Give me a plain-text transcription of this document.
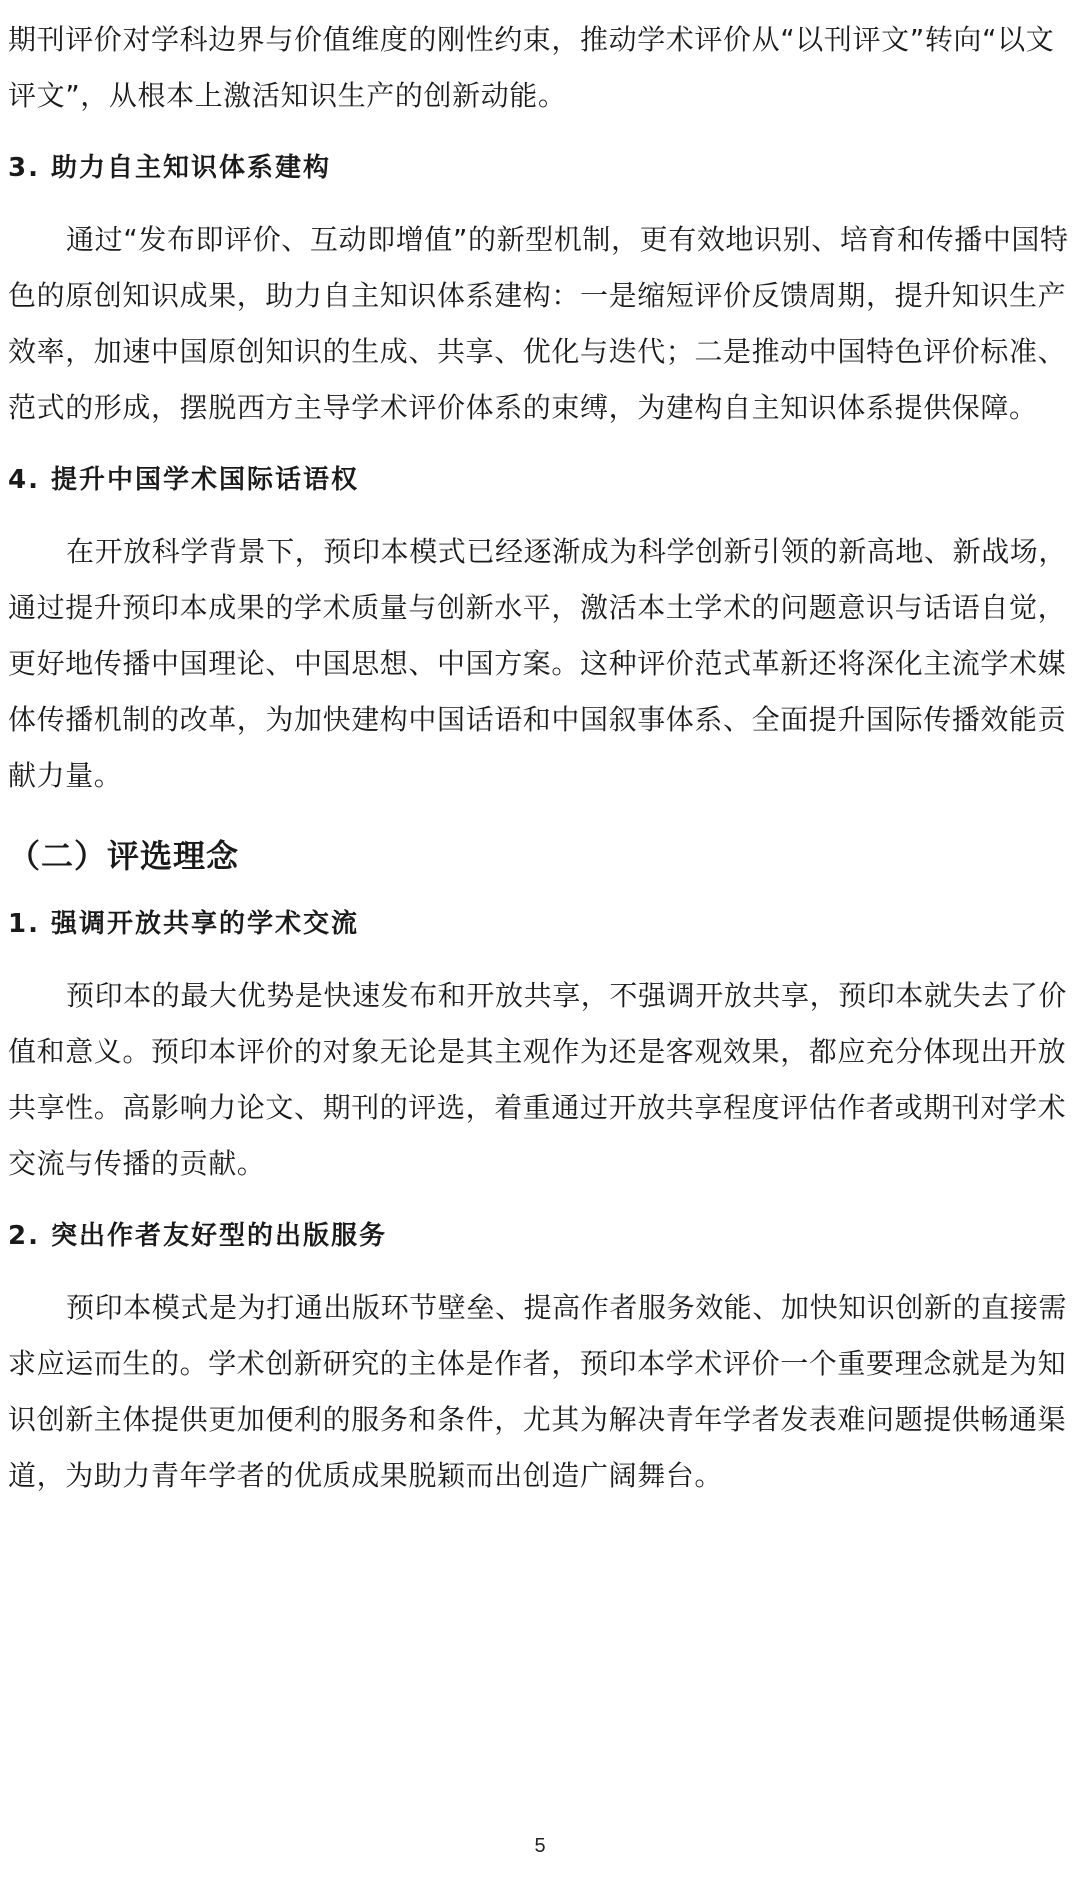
期刊评价对学科边界与价值维度的刚性约束，推动学术评价从“以刊评文”转向“以文评文”，从根本上激活知识生产的创新动能。

3. 助力自主知识体系建构

通过“发布即评价、互动即增值”的新型机制，更有效地识别、培育和传播中国特色的原创知识成果，助力自主知识体系建构：一是缩短评价反馈周期，提升知识生产效率，加速中国原创知识的生成、共享、优化与迭代；二是推动中国特色评价标准、范式的形成，摆脱西方主导学术评价体系的束缚，为建构自主知识体系提供保障。

4. 提升中国学术国际话语权

在开放科学背景下，预印本模式已经逐渐成为科学创新引领的新高地、新战场，通过提升预印本成果的学术质量与创新水平，激活本土学术的问题意识与话语自觉，更好地传播中国理论、中国思想、中国方案。这种评价范式革新还将深化主流学术媒体传播机制的改革，为加快建构中国话语和中国叙事体系、全面提升国际传播效能贡献力量。

（二）评选理念
1. 强调开放共享的学术交流

预印本的最大优势是快速发布和开放共享，不强调开放共享，预印本就失去了价值和意义。预印本评价的对象无论是其主观作为还是客观效果，都应充分体现出开放共享性。高影响力论文、期刊的评选，着重通过开放共享程度评估作者或期刊对学术交流与传播的贡献。

2. 突出作者友好型的出版服务

预印本模式是为打通出版环节壁垒、提高作者服务效能、加快知识创新的直接需求应运而生的。学术创新研究的主体是作者，预印本学术评价一个重要理念就是为知识创新主体提供更加便利的服务和条件，尤其为解决青年学者发表难问题提供畅通渠道，为助力青年学者的优质成果脱颖而出创造广阔舞台。

5
